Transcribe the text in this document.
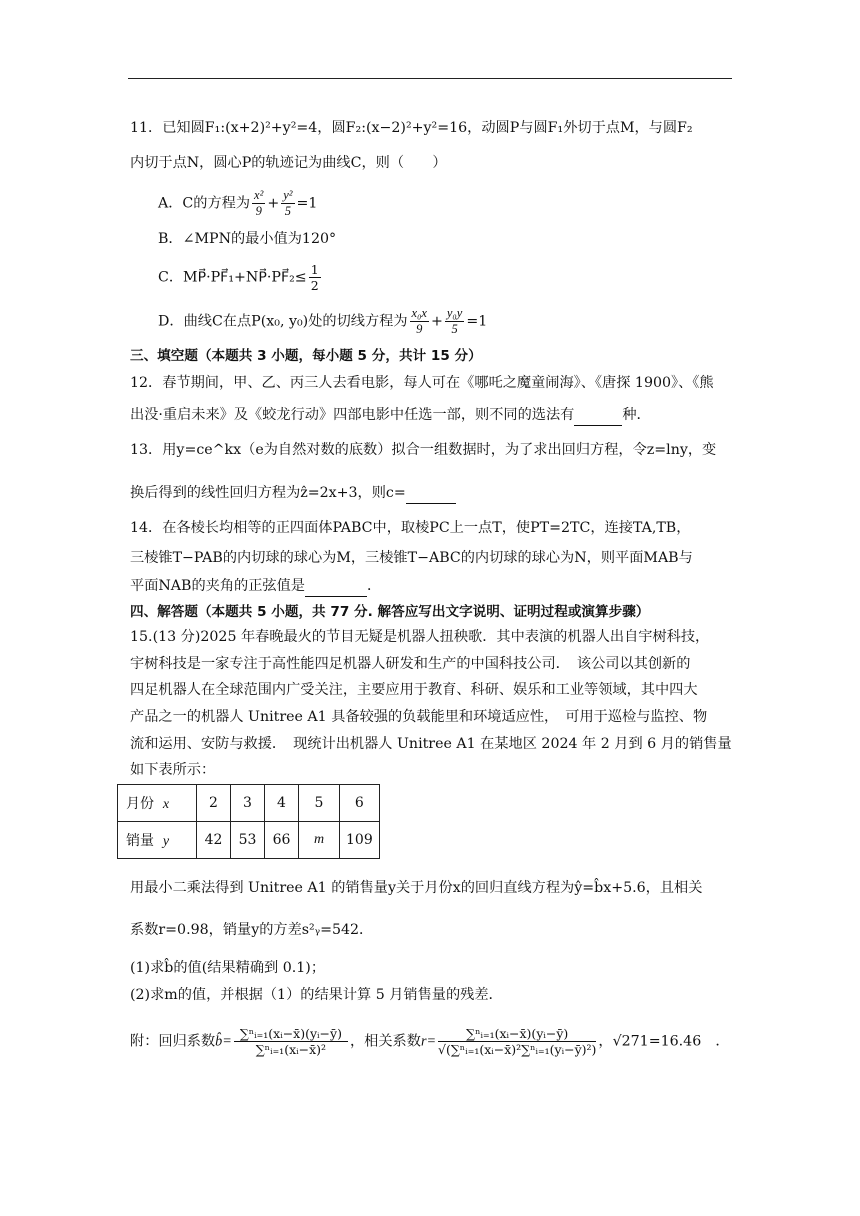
11．已知圆F₁:(x+2)²+y²=4，圆F₂:(x−2)²+y²=16，动圆P与圆F₁外切于点M，与圆F₂
内切于点N，圆心P的轨迹记为曲线C，则（　　）
A．C的方程为 $\frac{\text{x²}}{9} + \frac{\text{y²}}{5} =1$
B．∠MPN的最小值为120°
C．MP⃗·PF⃗₁+NP⃗·PF⃗₂≤ $\frac{1}{2}$
D．曲线C在点P(x₀, y₀)处的切线方程为 $\frac{\text{x₀x}}{9} + \frac{\text{y₀y}}{5} =1$
三、填空题（本题共 3 小题，每小题 5 分，共计 15 分）
12．春节期间，甲、乙、丙三人去看电影，每人可在《哪吒之魔童闹海》、《唐探 1900》、《熊
出没·重启未来》及《蛟龙行动》四部电影中任选一部，则不同的选法有	种．
13．用y=ce^kx（e为自然对数的底数）拟合一组数据时，为了求出回归方程，令z=lny，变
换后得到的线性回归方程为ẑ=2x+3，则c=
14．在各棱长均相等的正四面体PABC中，取棱PC上一点T，使PT=2TC，连接TA,TB，
三棱锥T−PAB的内切球的球心为M，三棱锥T−ABC的内切球的球心为N，则平面MAB与
平面NAB的夹角的正弦值是	．
四、解答题（本题共 5 小题，共 77 分. 解答应写出文字说明、证明过程或演算步骤）
15.(13 分)2025 年春晚最火的节目无疑是机器人扭秧歌．其中表演的机器人出自宇树科技，
宇树科技是一家专注于高性能四足机器人研发和生产的中国科技公司．　该公司以其创新的
四足机器人在全球范围内广受关注，主要应用于教育、科研、娱乐和工业等领域，其中四大
产品之一的机器人 Unitree A1 具备较强的负载能里和环境适应性，　可用于巡检与监控、物
流和运用、安防与救援．　现统计出机器人 Unitree A1 在某地区 2024 年 2 月到 6 月的销售量
如下表所示：
月份 x	2	3	4	5	6
销量 y	42	53	66	m	109
用最小二乘法得到 Unitree A1 的销售量y关于月份x的回归直线方程为ŷ=b̂x+5.6，且相关
系数r=0.98，销量y的方差s²ᵧ=542．
(1)求b̂的值(结果精确到 0.1)；
(2)求m的值，并根据（1）的结果计算 5 月销售量的残差．
附：回归系数b̂= $\frac{\text{∑ⁿᵢ₌₁(xᵢ−x̄)(yᵢ−ȳ)}}{\text{∑ⁿᵢ₌₁(xᵢ−x̄)²}}$ ，相关系数$r= \frac{\text{∑ⁿᵢ₌₁(xᵢ−x̄)(yᵢ−ȳ)}}{\text{√(∑ⁿᵢ₌₁(xᵢ−x̄)²∑ⁿᵢ₌₁(yᵢ−ȳ)²)}}$ ，√271=16.46　．
